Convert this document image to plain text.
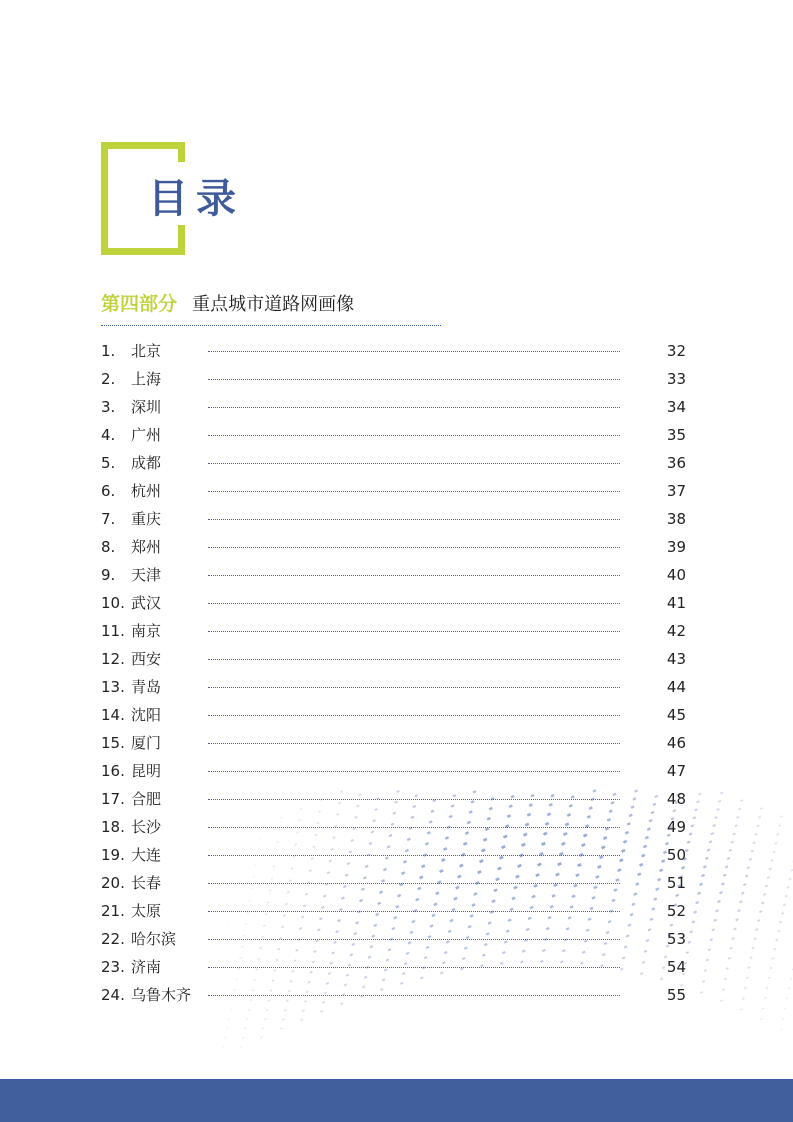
目录
第四部分 重点城市道路网画像
1. 北京	32
2. 上海	33
3. 深圳	34
4. 广州	35
5. 成都	36
6. 杭州	37
7. 重庆	38
8. 郑州	39
9. 天津	40
10. 武汉	41
11. 南京	42
12. 西安	43
13. 青岛	44
14. 沈阳	45
15. 厦门	46
16. 昆明	47
17. 合肥	48
18. 长沙	49
19. 大连	50
20. 长春	51
21. 太原	52
22. 哈尔滨	53
23. 济南	54
24. 乌鲁木齐	55
